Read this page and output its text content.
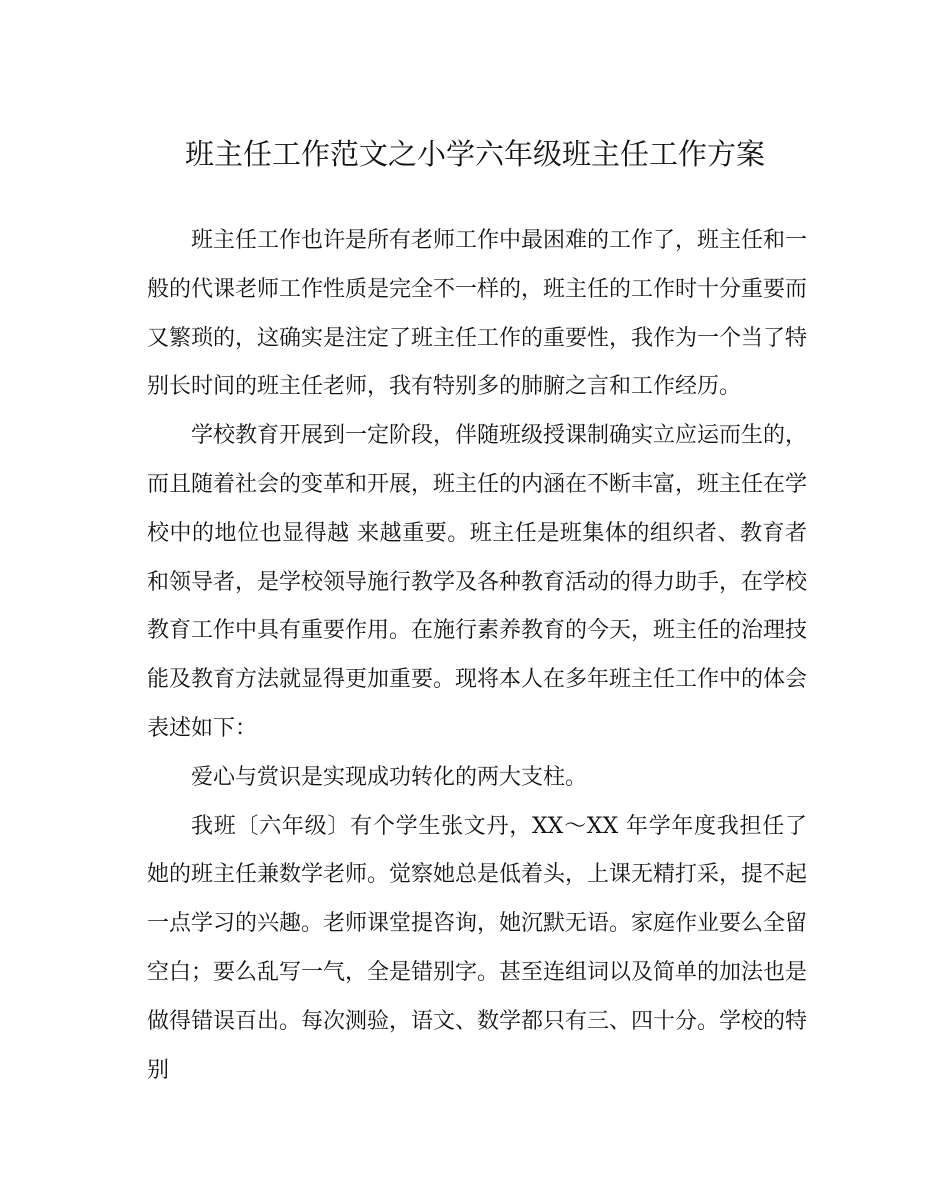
班主任工作范文之小学六年级班主任工作方案

班主任工作也许是所有老师工作中最困难的工作了，班主任和一般的代课老师工作性质是完全不一样的，班主任的工作时十分重要而又繁琐的，这确实是注定了班主任工作的重要性，我作为一个当了特别长时间的班主任老师，我有特别多的肺腑之言和工作经历。

学校教育开展到一定阶段，伴随班级授课制确实立应运而生的，而且随着社会的变革和开展，班主任的内涵在不断丰富，班主任在学校中的地位也显得越 来越重要。班主任是班集体的组织者、教育者和领导者，是学校领导施行教学及各种教育活动的得力助手，在学校教育工作中具有重要作用。在施行素养教育的今天，班主任的治理技能及教育方法就显得更加重要。现将本人在多年班主任工作中的体会表述如下：

爱心与赏识是实现成功转化的两大支柱。

我班〔六年级〕有个学生张文丹，XX～XX 年学年度我担任了她的班主任兼数学老师。觉察她总是低着头，上课无精打采，提不起一点学习的兴趣。老师课堂提咨询，她沉默无语。家庭作业要么全留空白；要么乱写一气，全是错别字。甚至连组词以及简单的加法也是做得错误百出。每次测验，语文、数学都只有三、四十分。学校的特别
